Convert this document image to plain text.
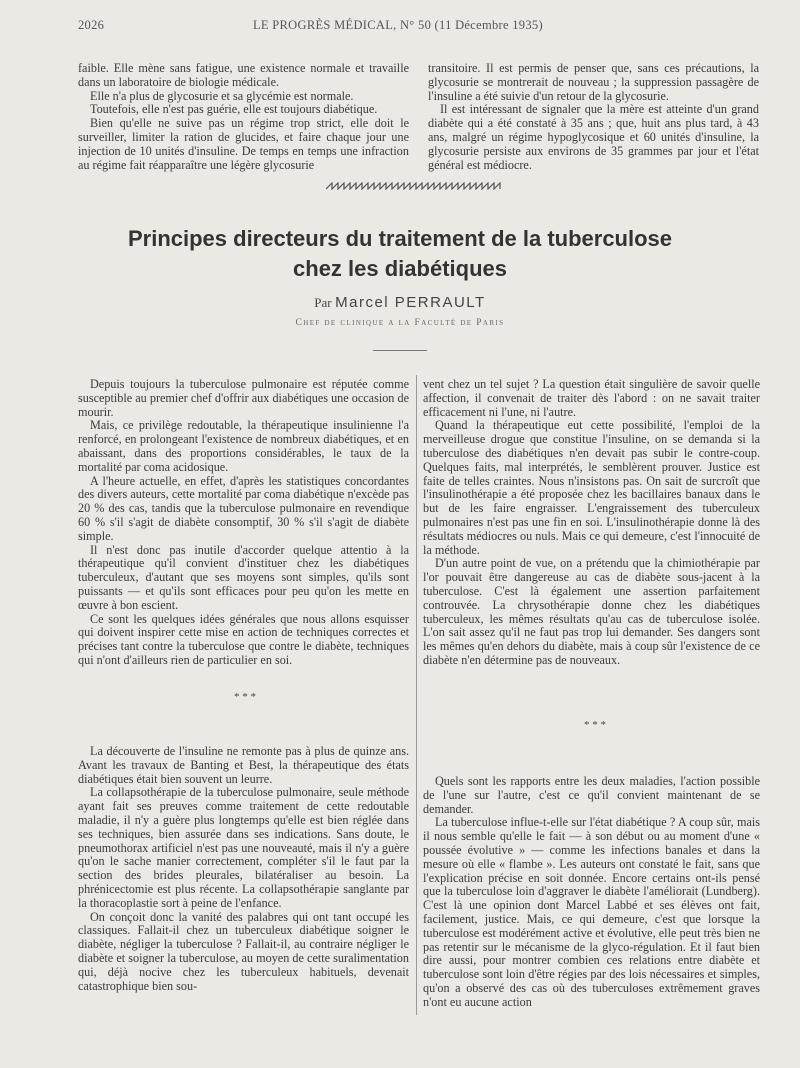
2026	LE PROGRÈS MÉDICAL, N° 50 (11 Décembre 1935)

faible. Elle mène sans fatigue, une existence normale et travaille dans un laboratoire de biologie médicale.

Elle n'a plus de glycosurie et sa glycémie est normale.

Toutefois, elle n'est pas guérie, elle est toujours diabétique.

Bien qu'elle ne suive pas un régime trop strict, elle doit le surveiller, limiter la ration de glucides, et faire chaque jour une injection de 10 unités d'insuline. De temps en temps une infraction au régime fait réapparaître une légère glycosurie

transitoire. Il est permis de penser que, sans ces précautions, la glycosurie se montrerait de nouveau ; la suppression passagère de l'insuline a été suivie d'un retour de la glycosurie.

Il est intéressant de signaler que la mère est atteinte d'un grand diabète qui a été constaté à 35 ans ; que, huit ans plus tard, à 43 ans, malgré un régime hypoglycosique et 60 unités d'insuline, la glycosurie persiste aux environs de 35 grammes par jour et l'état général est médiocre.

Principes directeurs du traitement de la tuberculose
chez les diabétiques
Par Marcel PERRAULT
Chef de clinique a la Faculté de Paris

Depuis toujours la tuberculose pulmonaire est réputée comme susceptible au premier chef d'offrir aux diabétiques une occasion de mourir.

Mais, ce privilège redoutable, la thérapeutique insulinienne l'a renforcé, en prolongeant l'existence de nombreux diabétiques, et en abaissant, dans des proportions considérables, le taux de la mortalité par coma acidosique.

A l'heure actuelle, en effet, d'après les statistiques concordantes des divers auteurs, cette mortalité par coma diabétique n'excède pas 20 % des cas, tandis que la tuberculose pulmonaire en revendique 60 % s'il s'agit de diabète consomptif, 30 % s'il s'agit de diabète simple.

Il n'est donc pas inutile d'accorder quelque attentio à la thérapeutique qu'il convient d'instituer chez les diabétiques tuberculeux, d'autant que ses moyens sont simples, qu'ils sont puissants — et qu'ils sont efficaces pour peu qu'on les mette en œuvre à bon escient.

Ce sont les quelques idées générales que nous allons esquisser qui doivent inspirer cette mise en action de techniques correctes et précises tant contre la tuberculose que contre le diabète, techniques qui n'ont d'ailleurs rien de particulier en soi.

* * *

vent chez un tel sujet ? La question était singulière de savoir quelle affection, il convenait de traiter dès l'abord : on ne savait traiter efficacement ni l'une, ni l'autre.

Quand la thérapeutique eut cette possibilité, l'emploi de la merveilleuse drogue que constitue l'insuline, on se demanda si la tuberculose des diabétiques n'en devait pas subir le contre-coup. Quelques faits, mal interprétés, le semblèrent prouver. Justice est faite de telles craintes. Nous n'insistons pas. On sait de surcroît que l'insulinothérapie a été proposée chez les bacillaires banaux dans le but de les faire engraisser. L'engraissement des tuberculeux pulmonaires n'est pas une fin en soi. L'insulinothérapie donne là des résultats médiocres ou nuls. Mais ce qui demeure, c'est l'innocuité de la méthode.

D'un autre point de vue, on a prétendu que la chimiothérapie par l'or pouvait être dangereuse au cas de diabète sous-jacent à la tuberculose. C'est là également une assertion parfaitement controuvée. La chrysothérapie donne chez les diabétiques tuberculeux, les mêmes résultats qu'au cas de tuberculose isolée. L'on sait assez qu'il ne faut pas trop lui demander. Ses dangers sont les mêmes qu'en dehors du diabète, mais à coup sûr l'existence de ce diabète n'en détermine pas de nouveaux.

* * *

La découverte de l'insuline ne remonte pas à plus de quinze ans. Avant les travaux de Banting et Best, la thérapeutique des états diabétiques était bien souvent un leurre.

La collapsothérapie de la tuberculose pulmonaire, seule méthode ayant fait ses preuves comme traitement de cette redoutable maladie, il n'y a guère plus longtemps qu'elle est bien réglée dans ses techniques, bien assurée dans ses indications. Sans doute, le pneumothorax artificiel n'est pas une nouveauté, mais il n'y a guère qu'on le sache manier correctement, compléter s'il le faut par la section des brides pleurales, bilatéraliser au besoin. La phrénicectomie est plus récente. La collapsothérapie sanglante par la thoracoplastie sort à peine de l'enfance.

On conçoit donc la vanité des palabres qui ont tant occupé les classiques. Fallait-il chez un tuberculeux diabétique soigner le diabète, négliger la tuberculose ? Fallait-il, au contraire négliger le diabète et soigner la tuberculose, au moyen de cette suralimentation qui, déjà nocive chez les tuberculeux habituels, devenait catastrophique bien sou-

Quels sont les rapports entre les deux maladies, l'action possible de l'une sur l'autre, c'est ce qu'il convient maintenant de se demander.

La tuberculose influe-t-elle sur l'état diabétique ? A coup sûr, mais il nous semble qu'elle le fait — à son début ou au moment d'une « poussée évolutive » — comme les infections banales et dans la mesure où elle « flambe ». Les auteurs ont constaté le fait, sans que l'explication précise en soit donnée. Encore certains ont-ils pensé que la tuberculose loin d'aggraver le diabète l'améliorait (Lundberg). C'est là une opinion dont Marcel Labbé et ses élèves ont fait, facilement, justice. Mais, ce qui demeure, c'est que lorsque la tuberculose est modérément active et évolutive, elle peut très bien ne pas retentir sur le mécanisme de la glyco-régulation. Et il faut bien dire aussi, pour montrer combien ces relations entre diabète et tuberculose sont loin d'être régies par des lois nécessaires et simples, qu'on a observé des cas où des tuberculoses extrêmement graves n'ont eu aucune action
